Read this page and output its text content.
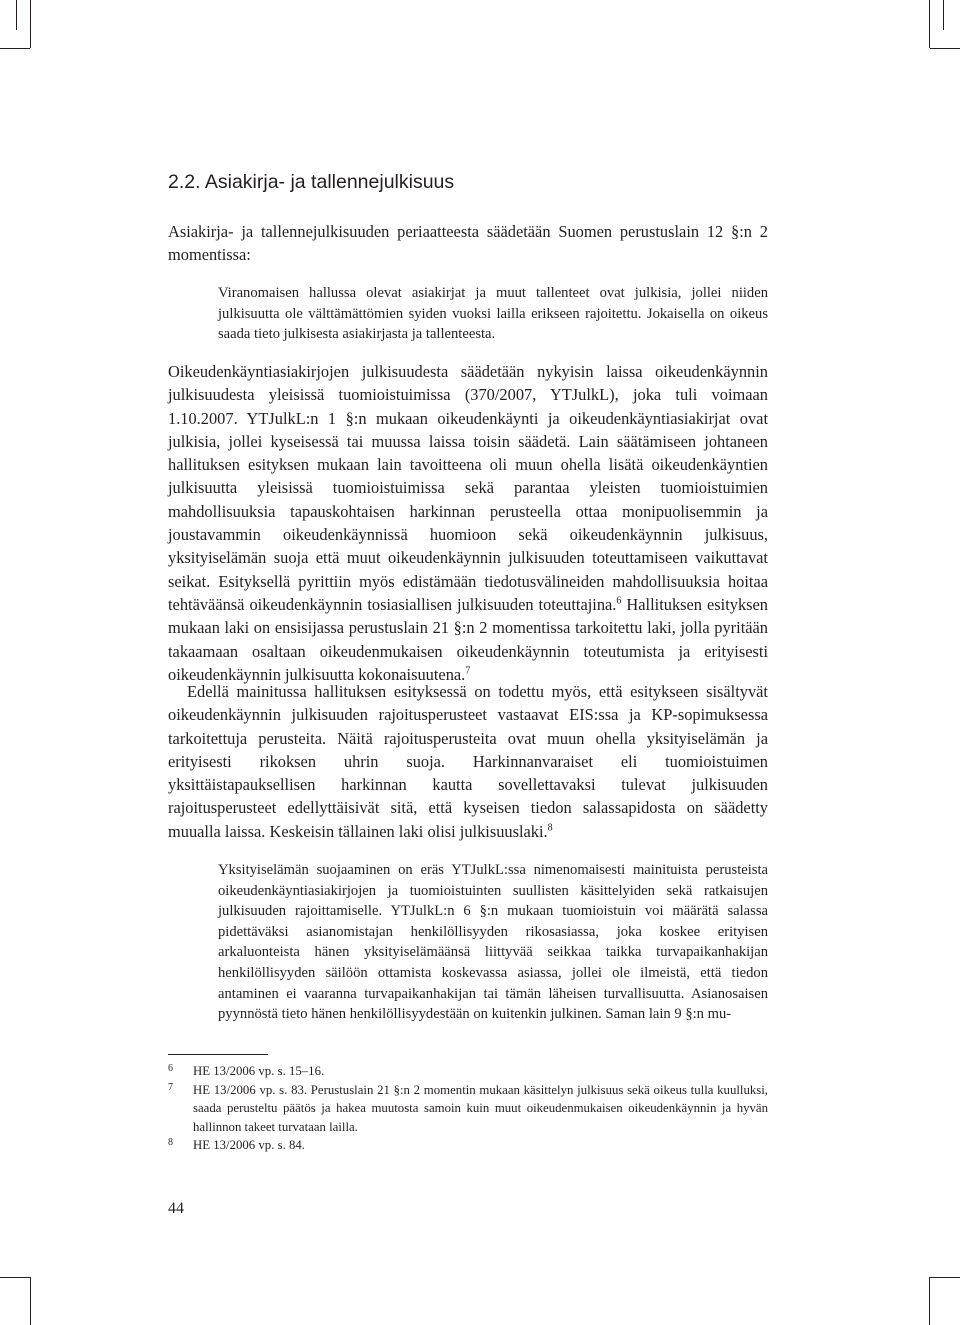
2.2. Asiakirja- ja tallennejulkisuus

Asiakirja- ja tallennejulkisuuden periaatteesta säädetään Suomen perustuslain 12 §:n 2 momentissa:

Viranomaisen hallussa olevat asiakirjat ja muut tallenteet ovat julkisia, jollei niiden julkisuutta ole välttämättömien syiden vuoksi lailla erikseen rajoitettu. Jokaisella on oikeus saada tieto julkisesta asiakirjasta ja tallenteesta.

Oikeudenkäyntiasiakirjojen julkisuudesta säädetään nykyisin laissa oikeudenkäynnin julkisuudesta yleisissä tuomioistuimissa (370/2007, YTJulkL), joka tuli voimaan 1.10.2007. YTJulkL:n 1 §:n mukaan oikeudenkäynti ja oikeudenkäyntiasiakirjat ovat julkisia, jollei kyseisessä tai muussa laissa toisin säädetä. Lain säätämiseen johtaneen hallituksen esityksen mukaan lain tavoitteena oli muun ohella lisätä oikeudenkäyntien julkisuutta yleisissä tuomioistuimissa sekä parantaa yleisten tuomioistuimien mahdollisuuksia tapauskohtaisen harkinnan perusteella ottaa monipuolisemmin ja joustavammin oikeudenkäynnissä huomioon sekä oikeudenkäynnin julkisuus, yksityiselämän suoja että muut oikeudenkäynnin julkisuuden toteuttamiseen vaikuttavat seikat. Esityksellä pyrittiin myös edistämään tiedotusvälineiden mahdollisuuksia hoitaa tehtäväänsä oikeudenkäynnin tosiasiallisen julkisuuden toteuttajina.$^6$ Hallituksen esityksen mukaan laki on ensisijassa perustuslain 21 §:n 2 momentissa tarkoitettu laki, jolla pyritään takaamaan osaltaan oikeudenmukaisen oikeudenkäynnin toteutumista ja erityisesti oikeudenkäynnin julkisuutta kokonaisuutena.$^7$

Edellä mainitussa hallituksen esityksessä on todettu myös, että esitykseen sisältyvät oikeudenkäynnin julkisuuden rajoitusperusteet vastaavat EIS:ssa ja KP-sopimuksessa tarkoitettuja perusteita. Näitä rajoitusperusteita ovat muun ohella yksityiselämän ja erityisesti rikoksen uhrin suoja. Harkinnanvaraiset eli tuomioistuimen yksittäistapauksellisen harkinnan kautta sovellettavaksi tulevat julkisuuden rajoitusperusteet edellyttäisivät sitä, että kyseisen tiedon salassapidosta on säädetty muualla laissa. Keskeisin tällainen laki olisi julkisuuslaki.$^8$

Yksityiselämän suojaaminen on eräs YTJulkL:ssa nimenomaisesti mainituista perusteista oikeudenkäyntiasiakirjojen ja tuomioistuinten suullisten käsittelyiden sekä ratkaisujen julkisuuden rajoittamiselle. YTJulkL:n 6 §:n mukaan tuomioistuin voi määrätä salassa pidettäväksi asianomistajan henkilöllisyyden rikosasiassa, joka koskee erityisen arkaluonteista hänen yksityiselämäänsä liittyvää seikkaa taikka turvapaikanhakijan henkilöllisyyden säilöön ottamista koskevassa asiassa, jollei ole ilmeistä, että tiedon antaminen ei vaaranna turvapaikanhakijan tai tämän läheisen turvallisuutta. Asianosaisen pyynnöstä tieto hänen henkilöllisyydestään on kuitenkin julkinen. Saman lain 9 §:n mu-

6	HE 13/2006 vp. s. 15–16.
7	HE 13/2006 vp. s. 83. Perustuslain 21 §:n 2 momentin mukaan käsittelyn julkisuus sekä oikeus tulla kuulluksi, saada perusteltu päätös ja hakea muutosta samoin kuin muut oikeudenmukaisen oikeudenkäynnin ja hyvän hallinnon takeet turvataan lailla.
8	HE 13/2006 vp. s. 84.

44
